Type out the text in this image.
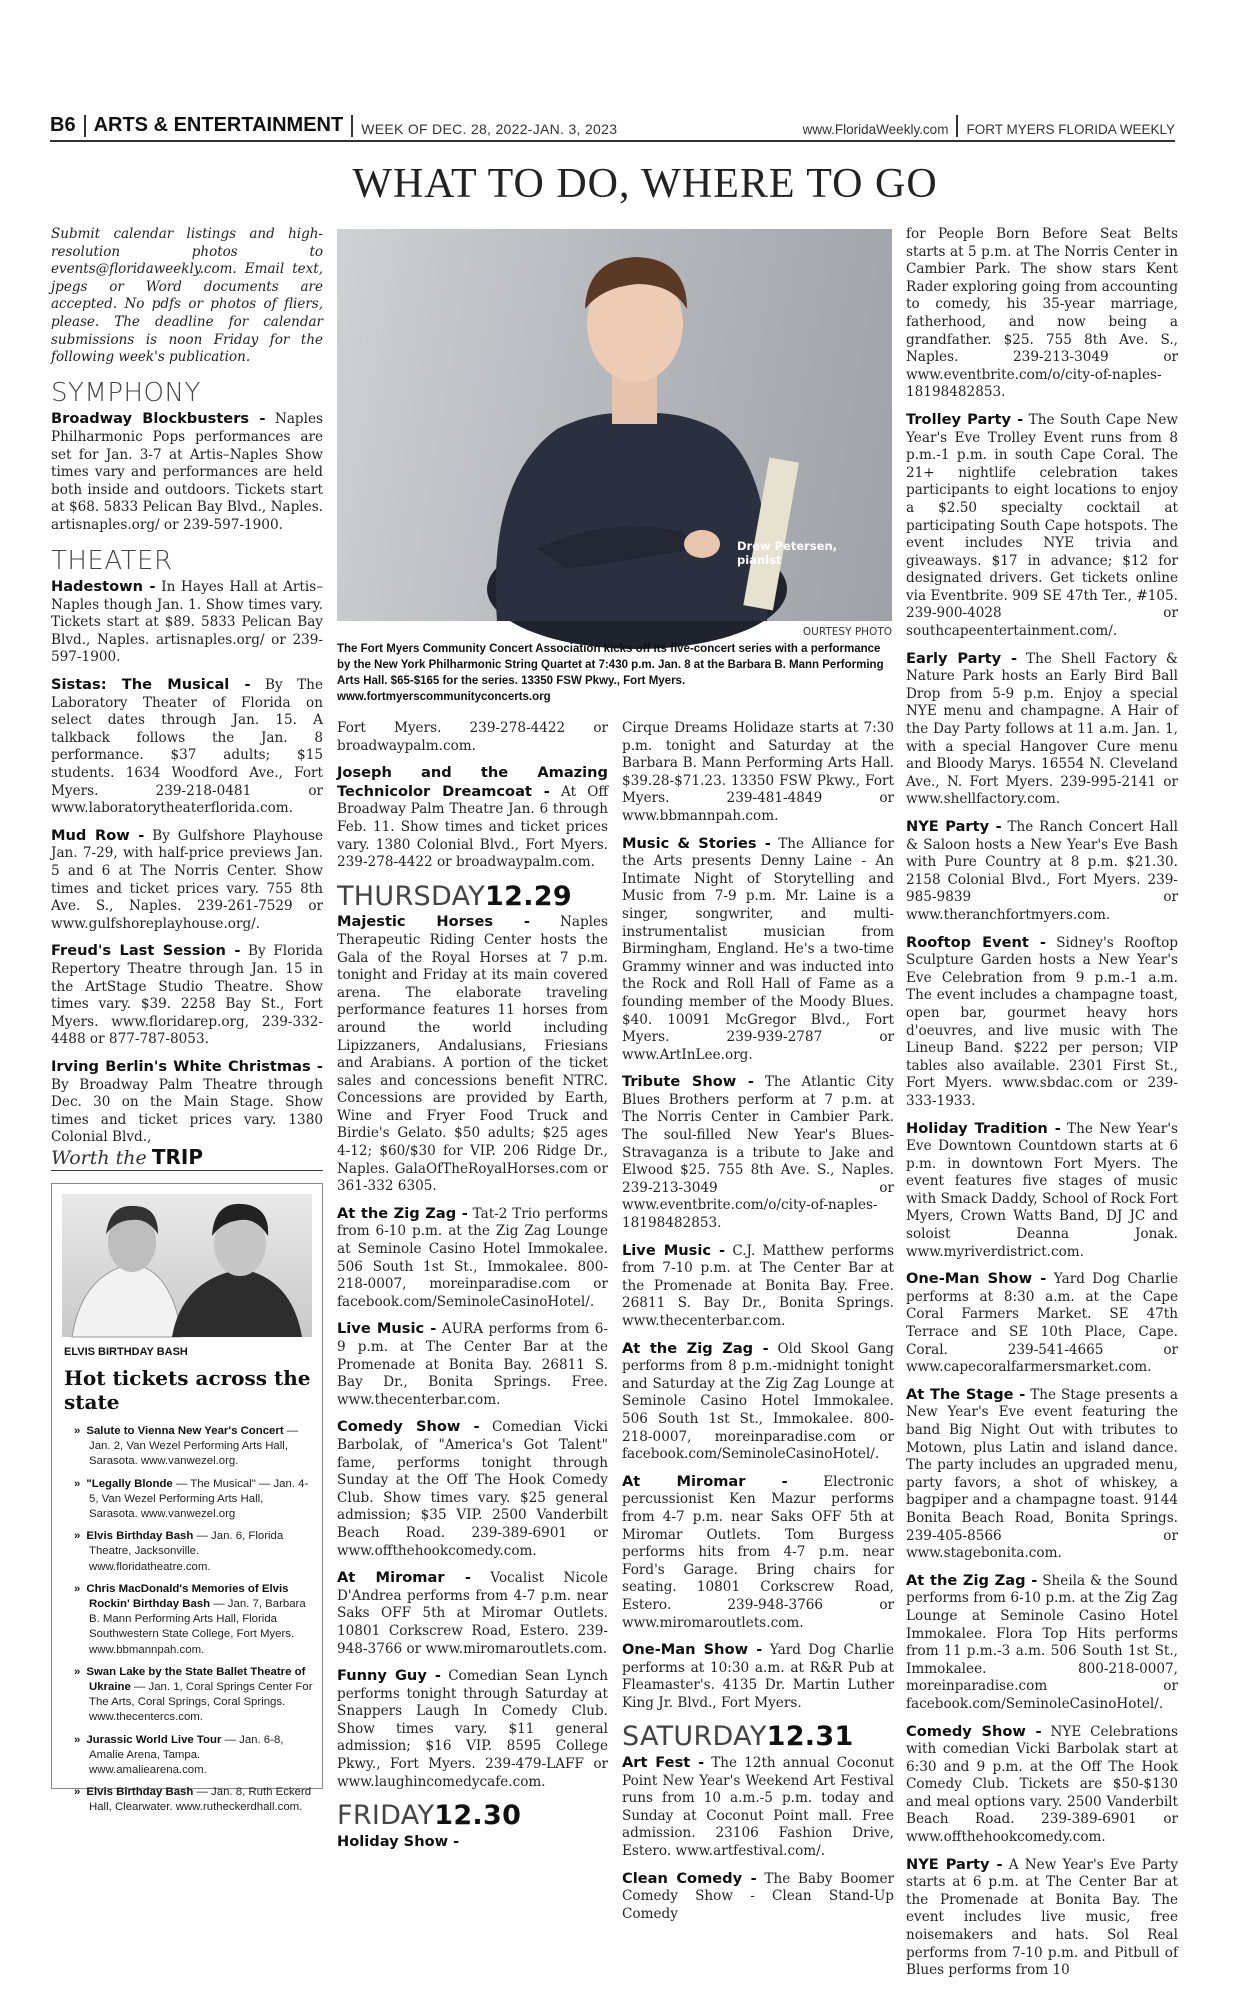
B6 ARTS & ENTERTAINMENT WEEK OF DEC. 28, 2022-JAN. 3, 2023	www.FloridaWeekly.com FORT MYERS FLORIDA WEEKLY
WHAT TO DO, WHERE TO GO

Submit calendar listings and high-resolution photos to events@floridaweekly.com. Email text, jpegs or Word documents are accepted. No pdfs or photos of fliers, please. The deadline for calendar submissions is noon Friday for the following week's publication.

SYMPHONY

Broadway Blockbusters - Naples Philharmonic Pops performances are set for Jan. 3-7 at Artis–Naples Show times vary and performances are held both inside and outdoors. Tickets start at $68. 5833 Pelican Bay Blvd., Naples. artisnaples.org/ or 239-597-1900.

THEATER

Hadestown - In Hayes Hall at Artis–Naples though Jan. 1. Show times vary. Tickets start at $89. 5833 Pelican Bay Blvd., Naples. artisnaples.org/ or 239-597-1900.

Sistas: The Musical - By The Laboratory Theater of Florida on select dates through Jan. 15. A talkback follows the Jan. 8 performance. $37 adults; $15 students. 1634 Woodford Ave., Fort Myers. 239-218-0481 or www.laboratorytheaterflorida.com.

Mud Row - By Gulfshore Playhouse Jan. 7-29, with half-price previews Jan. 5 and 6 at The Norris Center. Show times and ticket prices vary. 755 8th Ave. S., Naples. 239-261-7529 or www.gulfshoreplayhouse.org/.

Freud's Last Session - By Florida Repertory Theatre through Jan. 15 in the ArtStage Studio Theatre. Show times vary. $39. 2258 Bay St., Fort Myers. www.floridarep.org, 239-332-4488 or 877-787-8053.

Irving Berlin's White Christmas - By Broadway Palm Theatre through Dec. 30 on the Main Stage. Show times and ticket prices vary. 1380 Colonial Blvd.,

Drew Petersen,
pianist
OURTESY PHOTO
The Fort Myers Community Concert Association kicks off its five-concert series with a performance by the New York Philharmonic String Quartet at 7:430 p.m. Jan. 8 at the Barbara B. Mann Performing Arts Hall. $65-$165 for the series. 13350 FSW Pkwy., Fort Myers. www.fortmyerscommunityconcerts.org

Fort Myers. 239-278-4422 or broadwaypalm.com.

Joseph and the Amazing Technicolor Dreamcoat - At Off Broadway Palm Theatre Jan. 6 through Feb. 11. Show times and ticket prices vary. 1380 Colonial Blvd., Fort Myers. 239-278-4422 or broadwaypalm.com.

THURSDAY12.29

Majestic Horses - Naples Therapeutic Riding Center hosts the Gala of the Royal Horses at 7 p.m. tonight and Friday at its main covered arena. The elaborate traveling performance features 11 horses from around the world including Lipizzaners, Andalusians, Friesians and Arabians. A portion of the ticket sales and concessions benefit NTRC. Concessions are provided by Earth, Wine and Fryer Food Truck and Birdie's Gelato. $50 adults; $25 ages 4-12; $60/$30 for VIP. 206 Ridge Dr., Naples. GalaOfTheRoyalHorses.com or 361-332 6305.

At the Zig Zag - Tat-2 Trio performs from 6-10 p.m. at the Zig Zag Lounge at Seminole Casino Hotel Immokalee. 506 South 1st St., Immokalee. 800-218-0007, moreinparadise.com or facebook.com/SeminoleCasinoHotel/.

Live Music - AURA performs from 6-9 p.m. at The Center Bar at the Promenade at Bonita Bay. 26811 S. Bay Dr., Bonita Springs. Free. www.thecenterbar.com.

Comedy Show - Comedian Vicki Barbolak, of "America's Got Talent" fame, performs tonight through Sunday at the Off The Hook Comedy Club. Show times vary. $25 general admission; $35 VIP. 2500 Vanderbilt Beach Road. 239-389-6901 or www.offthehookcomedy.com.

At Miromar - Vocalist Nicole D'Andrea performs from 4-7 p.m. near Saks OFF 5th at Miromar Outlets. 10801 Corkscrew Road, Estero. 239-948-3766 or www.miromaroutlets.com.

Funny Guy - Comedian Sean Lynch performs tonight through Saturday at Snappers Laugh In Comedy Club. Show times vary. $11 general admission; $16 VIP. 8595 College Pkwy., Fort Myers. 239-479-LAFF or www.laughincomedycafe.com.

FRIDAY12.30

Holiday Show -

Cirque Dreams Holidaze starts at 7:30 p.m. tonight and Saturday at the Barbara B. Mann Performing Arts Hall. $39.28-$71.23. 13350 FSW Pkwy., Fort Myers. 239-481-4849 or www.bbmannpah.com.

Music & Stories - The Alliance for the Arts presents Denny Laine - An Intimate Night of Storytelling and Music from 7-9 p.m. Mr. Laine is a singer, songwriter, and multi-instrumentalist musician from Birmingham, England. He's a two-time Grammy winner and was inducted into the Rock and Roll Hall of Fame as a founding member of the Moody Blues. $40. 10091 McGregor Blvd., Fort Myers. 239-939-2787 or www.ArtInLee.org.

Tribute Show - The Atlantic City Blues Brothers perform at 7 p.m. at The Norris Center in Cambier Park. The soul-filled New Year's Blues-Stravaganza is a tribute to Jake and Elwood $25. 755 8th Ave. S., Naples. 239-213-3049 or www.eventbrite.com/o/city-of-naples-18198482853.

Live Music - C.J. Matthew performs from 7-10 p.m. at The Center Bar at the Promenade at Bonita Bay. Free. 26811 S. Bay Dr., Bonita Springs. www.thecenterbar.com.

At the Zig Zag - Old Skool Gang performs from 8 p.m.-midnight tonight and Saturday at the Zig Zag Lounge at Seminole Casino Hotel Immokalee. 506 South 1st St., Immokalee. 800-218-0007, moreinparadise.com or facebook.com/SeminoleCasinoHotel/.

At Miromar - Electronic percussionist Ken Mazur performs from 4-7 p.m. near Saks OFF 5th at Miromar Outlets. Tom Burgess performs hits from 4-7 p.m. near Ford's Garage. Bring chairs for seating. 10801 Corkscrew Road, Estero. 239-948-3766 or www.miromaroutlets.com.

One-Man Show - Yard Dog Charlie performs at 10:30 a.m. at R&R Pub at Fleamaster's. 4135 Dr. Martin Luther King Jr. Blvd., Fort Myers.

SATURDAY12.31

Art Fest - The 12th annual Coconut Point New Year's Weekend Art Festival runs from 10 a.m.-5 p.m. today and Sunday at Coconut Point mall. Free admission. 23106 Fashion Drive, Estero. www.artfestival.com/.

Clean Comedy - The Baby Boomer Comedy Show - Clean Stand-Up Comedy

for People Born Before Seat Belts starts at 5 p.m. at The Norris Center in Cambier Park. The show stars Kent Rader exploring going from accounting to comedy, his 35-year marriage, fatherhood, and now being a grandfather. $25. 755 8th Ave. S., Naples. 239-213-3049 or www.eventbrite.com/o/city-of-naples-18198482853.

Trolley Party - The South Cape New Year's Eve Trolley Event runs from 8 p.m.-1 p.m. in south Cape Coral. The 21+ nightlife celebration takes participants to eight locations to enjoy a $2.50 specialty cocktail at participating South Cape hotspots. The event includes NYE trivia and giveaways. $17 in advance; $12 for designated drivers. Get tickets online via Eventbrite. 909 SE 47th Ter., #105. 239-900-4028 or southcapeentertainment.com/.

Early Party - The Shell Factory & Nature Park hosts an Early Bird Ball Drop from 5-9 p.m. Enjoy a special NYE menu and champagne. A Hair of the Day Party follows at 11 a.m. Jan. 1, with a special Hangover Cure menu and Bloody Marys. 16554 N. Cleveland Ave., N. Fort Myers. 239-995-2141 or www.shellfactory.com.

NYE Party - The Ranch Concert Hall & Saloon hosts a New Year's Eve Bash with Pure Country at 8 p.m. $21.30. 2158 Colonial Blvd., Fort Myers. 239-985-9839 or www.theranchfortmyers.com.

Rooftop Event - Sidney's Rooftop Sculpture Garden hosts a New Year's Eve Celebration from 9 p.m.-1 a.m. The event includes a champagne toast, open bar, gourmet heavy hors d'oeuvres, and live music with The Lineup Band. $222 per person; VIP tables also available. 2301 First St., Fort Myers. www.sbdac.com or 239-333-1933.

Holiday Tradition - The New Year's Eve Downtown Countdown starts at 6 p.m. in downtown Fort Myers. The event features five stages of music with Smack Daddy, School of Rock Fort Myers, Crown Watts Band, DJ JC and soloist Deanna Jonak. www.myriverdistrict.com.

One-Man Show - Yard Dog Charlie performs at 8:30 a.m. at the Cape Coral Farmers Market. SE 47th Terrace and SE 10th Place, Cape. Coral. 239-541-4665 or www.capecoralfarmersmarket.com.

At The Stage - The Stage presents a New Year's Eve event featuring the band Big Night Out with tributes to Motown, plus Latin and island dance. The party includes an upgraded menu, party favors, a shot of whiskey, a bagpiper and a champagne toast. 9144 Bonita Beach Road, Bonita Springs. 239-405-8566 or www.stagebonita.com.

At the Zig Zag - Sheila & the Sound performs from 6-10 p.m. at the Zig Zag Lounge at Seminole Casino Hotel Immokalee. Flora Top Hits performs from 11 p.m.-3 a.m. 506 South 1st St., Immokalee. 800-218-0007, moreinparadise.com or facebook.com/SeminoleCasinoHotel/.

Comedy Show - NYE Celebrations with comedian Vicki Barbolak start at 6:30 and 9 p.m. at the Off The Hook Comedy Club. Tickets are $50-$130 and meal options vary. 2500 Vanderbilt Beach Road. 239-389-6901 or www.offthehookcomedy.com.

NYE Party - A New Year's Eve Party starts at 6 p.m. at The Center Bar at the Promenade at Bonita Bay. The event includes live music, free noisemakers and hats. Sol Real performs from 7-10 p.m. and Pitbull of Blues performs from 10

Worth the TRIP
ELVIS BIRTHDAY BASH
Hot tickets across the state
» Salute to Vienna New Year's Concert — Jan. 2, Van Wezel Performing Arts Hall, Sarasota. www.vanwezel.org.
» "Legally Blonde — The Musical" — Jan. 4-5, Van Wezel Performing Arts Hall, Sarasota. www.vanwezel.org
» Elvis Birthday Bash — Jan. 6, Florida Theatre, Jacksonville. www.floridatheatre.com.
» Chris MacDonald's Memories of Elvis Rockin' Birthday Bash — Jan. 7, Barbara B. Mann Performing Arts Hall, Florida Southwestern State College, Fort Myers. www.bbmannpah.com.
» Swan Lake by the State Ballet Theatre of Ukraine — Jan. 1, Coral Springs Center For The Arts, Coral Springs, Coral Springs. www.thecentercs.com.
» Jurassic World Live Tour — Jan. 6-8, Amalie Arena, Tampa. www.amaliearena.com.
» Elvis Birthday Bash — Jan. 8, Ruth Eckerd Hall, Clearwater. www.rutheckerdhall.com.
